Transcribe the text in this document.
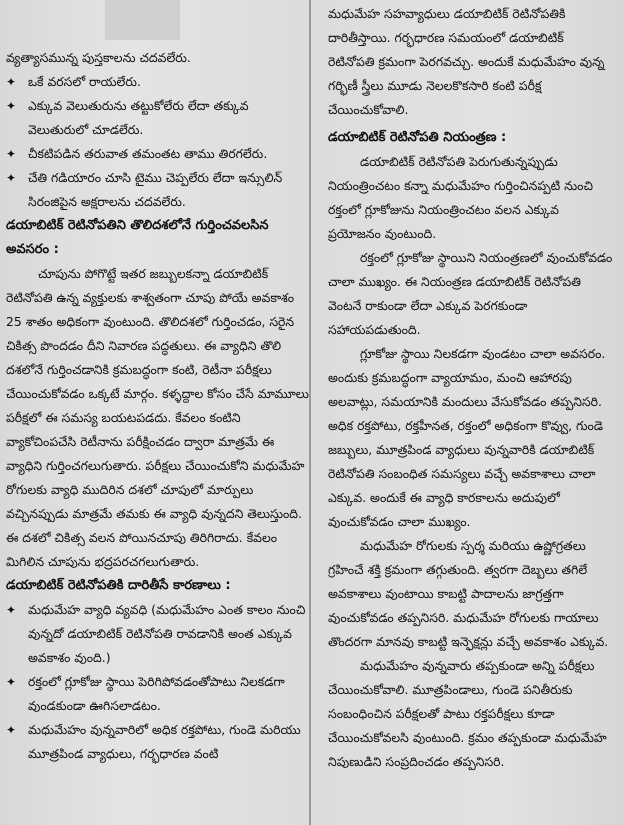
వ్యత్యాసమున్న పుస్తకాలను చదవలేరు.

✦ ఒకే వరసలో రాయలేరు.

✦ ఎక్కువ వెలుతురును తట్టుకోలేరు లేదా తక్కువ వెలుతురులో చూడలేరు.

✦ చీకటిపడిన తరువాత తమంతట తాము తిరగలేరు.

✦ చేతి గడియారం చూసి టైము చెప్పలేరు లేదా ఇన్సులిన్ సిరంజిపైన అక్షరాలను చదవలేరు.

డయాబిటిక్ రెటినోపతిని తొలిదశలోనే గుర్తించవలసిన అవసరం :

చూపును పోగొట్టే ఇతర జబ్బులకన్నా డయాబిటిక్ రెటినోపతి ఉన్న వ్యక్తులకు శాశ్వతంగా చూపు పోయే అవకాశం 25 శాతం అధికంగా వుంటుంది. తొలిదశలో గుర్తించడం, సరైన చికిత్స పొందడం దీని నివారణ పద్ధతులు. ఈ వ్యాధిని తొలి దశలోనే గుర్తించడానికి క్రమబద్ధంగా కంటి, రెటీనా పరీక్షలు చేయించుకోవడం ఒక్కటే మార్గం. కళ్ళద్దాల కోసం చేసే మామూలు పరీక్షలో ఈ సమస్య బయటపడదు. కేవలం కంటిని వ్యాకోచింపచేసి రెటీనాను పరీక్షించడం ద్వారా మాత్రమే ఈ వ్యాధిని గుర్తించగలుగుతారు. పరీక్షలు చేయించుకోని మధుమేహ రోగులకు వ్యాధి ముదిరిన దశలో చూపులో మార్పులు వచ్చినప్పుడు మాత్రమే తమకు ఈ వ్యాధి వున్నదని తెలుస్తుంది. ఈ దశలో చికిత్స వలన పోయినచూపు తిరిగిరాదు. కేవలం మిగిలిన చూపును భద్రపరచగలుగుతారు.

డయాబిటిక్ రెటినోపతికి దారితీసే కారణాలు :

✦ మధుమేహ వ్యాధి వ్యవధి (మధుమేహం ఎంత కాలం నుంచి వున్నదో డయాబిటిక్ రెటినోపతి రావడానికి అంత ఎక్కువ అవకాశం వుంది.)

✦ రక్తంలో గ్లూకోజు స్థాయి పెరిగిపోవడంతోపాటు నిలకడగా వుండకుండా ఊగిసలాడటం.

✦ మధుమేహం వున్నవారిలో అధిక రక్తపోటు, గుండె మరియు మూత్రపిండ వ్యాధులు, గర్భధారణ వంటి

మధుమేహ సహవ్యాధులు డయాబిటిక్ రెటినోపతికి దారితీస్తాయి. గర్భధారణ సమయంలో డయాబిటిక్ రెటినోపతి క్రమంగా పెరగవచ్చు. అందుకే మధుమేహం వున్న గర్భిణీ స్త్రీలు మూడు నెలలకొకసారి కంటి పరీక్ష చేయించుకోవాలి.

డయాబిటిక్ రెటినోపతి నియంత్రణ :

డయాబిటిక్ రెటినోపతి పెరుగుతున్నప్పుడు నియంత్రించటం కన్నా మధుమేహం గుర్తించినప్పటి నుంచి రక్తంలో గ్లూకోజును నియంత్రించటం వలన ఎక్కువ ప్రయోజనం వుంటుంది.

రక్తంలో గ్లూకోజు స్థాయిని నియంత్రణలో వుంచుకోవడం చాలా ముఖ్యం. ఈ నియంత్రణ డయాబిటిక్ రెటినోపతి వెంటనే రాకుండా లేదా ఎక్కువ పెరగకుండా సహాయపడుతుంది.

గ్లూకోజు స్థాయి నిలకడగా వుండటం చాలా అవసరం. అందుకు క్రమబద్ధంగా వ్యాయామం, మంచి ఆహారపు అలవాట్లు, సమయానికి మందులు వేసుకోవడం తప్పనిసరి. అధిక రక్తపోటు, రక్తహీనత, రక్తంలో అధికంగా కొవ్వు, గుండె జబ్బులు, మూత్రపిండ వ్యాధులు వున్నవారికి డయాబిటిక్ రెటినోపతి సంబంధిత సమస్యలు వచ్చే అవకాశాలు చాలా ఎక్కువ. అందుకే ఈ వ్యాధి కారకాలను అదుపులో వుంచుకోవడం చాలా ముఖ్యం.

మధుమేహ రోగులకు స్పర్శ మరియు ఉష్ణోగ్రతలు గ్రహించే శక్తి క్రమంగా తగ్గుతుంది. త్వరగా దెబ్బలు తగిలే అవకాశాలు వుంటాయి కాబట్టి పాదాలను జాగ్రత్తగా వుంచుకోవడం తప్పనిసరి. మధుమేహ రోగులకు గాయాలు తొందరగా మానవు కాబట్టి ఇన్ఫెక్షన్లు వచ్చే అవకాశం ఎక్కువ.

మధుమేహం వున్నవారు తప్పకుండా అన్ని పరీక్షలు చేయించుకోవాలి. మూత్రపిండాలు, గుండె పనితీరుకు సంబంధించిన పరీక్షలతో పాటు రక్తపరీక్షలు కూడా చేయించుకోవలసి వుంటుంది. క్రమం తప్పకుండా మధుమేహ నిపుణుడిని సంప్రదించడం తప్పనిసరి.
